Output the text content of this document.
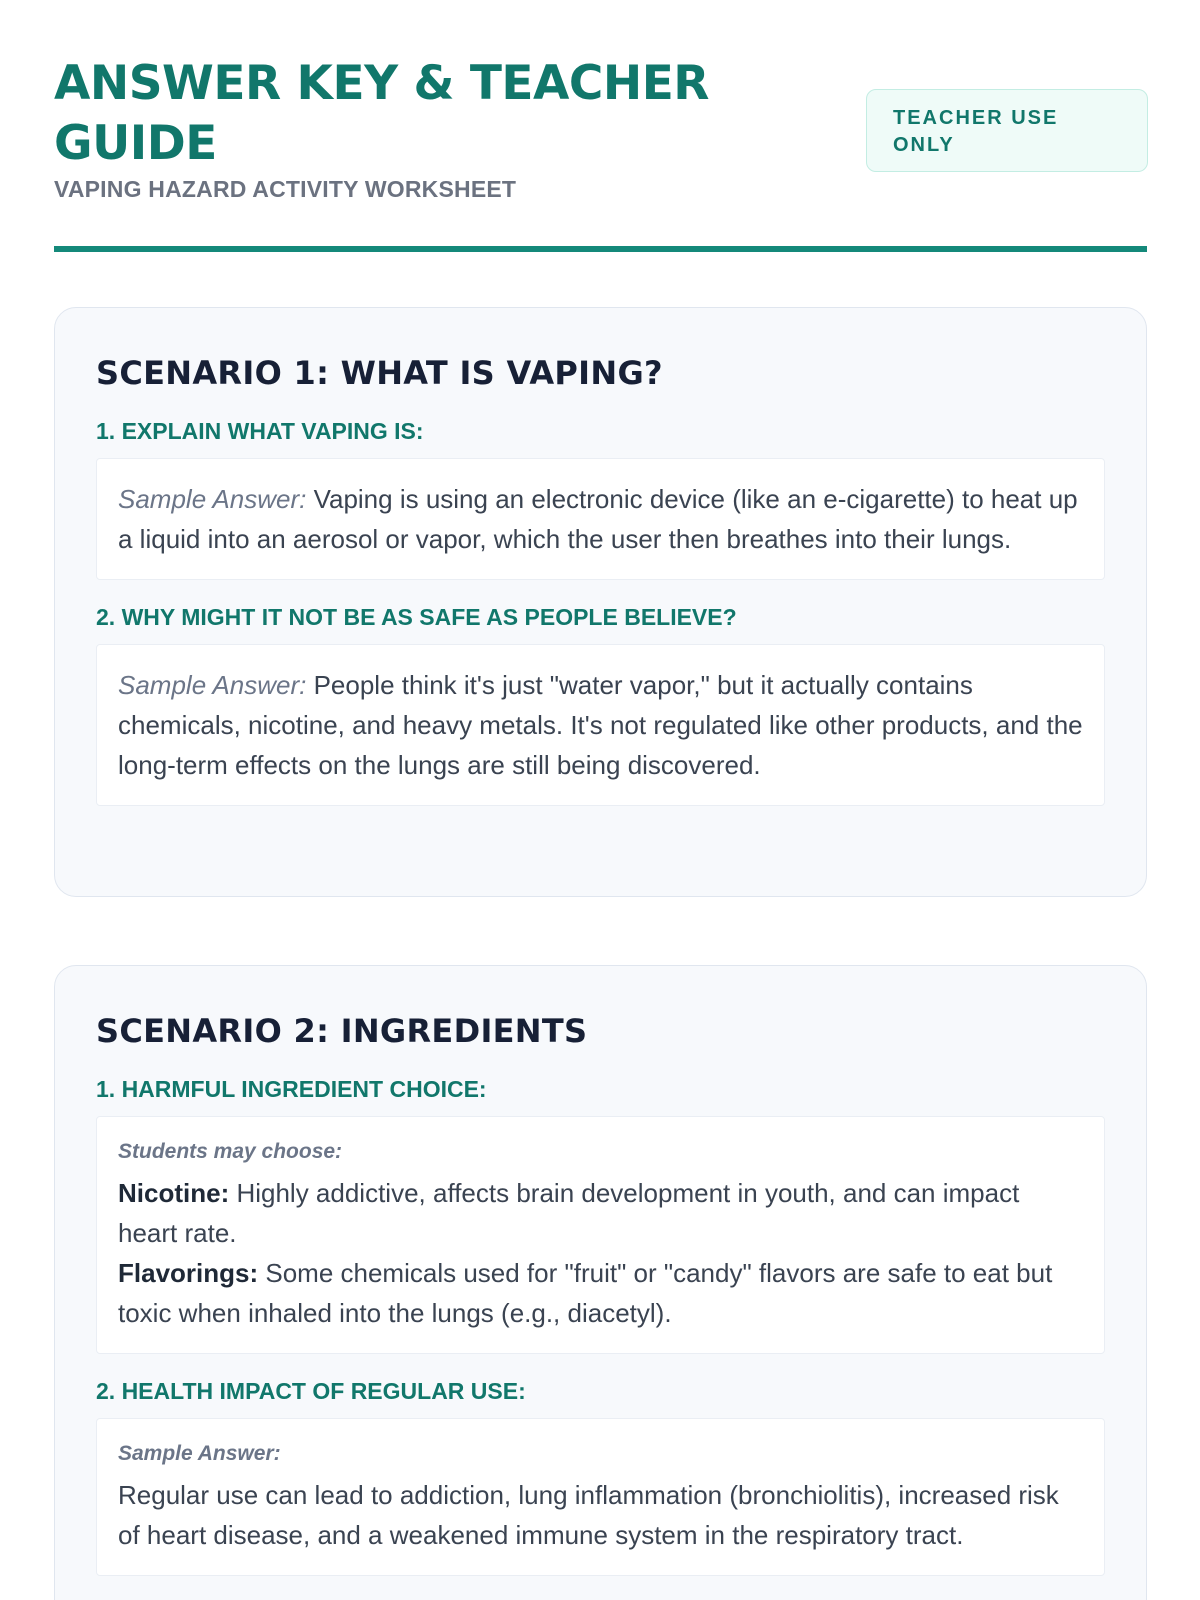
ANSWER KEY & TEACHER GUIDE
VAPING HAZARD ACTIVITY WORKSHEET
TEACHER USE ONLY
SCENARIO 1: WHAT IS VAPING?
1. EXPLAIN WHAT VAPING IS:
Sample Answer: Vaping is using an electronic device (like an e-cigarette) to heat up a liquid into an aerosol or vapor, which the user then breathes into their lungs.
2. WHY MIGHT IT NOT BE AS SAFE AS PEOPLE BELIEVE?
Sample Answer: People think it's just "water vapor," but it actually contains chemicals, nicotine, and heavy metals. It's not regulated like other products, and the long-term effects on the lungs are still being discovered.
SCENARIO 2: INGREDIENTS
1. HARMFUL INGREDIENT CHOICE:
Students may choose:
Nicotine: Highly addictive, affects brain development in youth, and can impact heart rate.
Flavorings: Some chemicals used for "fruit" or "candy" flavors are safe to eat but toxic when inhaled into the lungs (e.g., diacetyl).
2. HEALTH IMPACT OF REGULAR USE:
Sample Answer:
Regular use can lead to addiction, lung inflammation (bronchiolitis), increased risk of heart disease, and a weakened immune system in the respiratory tract.
